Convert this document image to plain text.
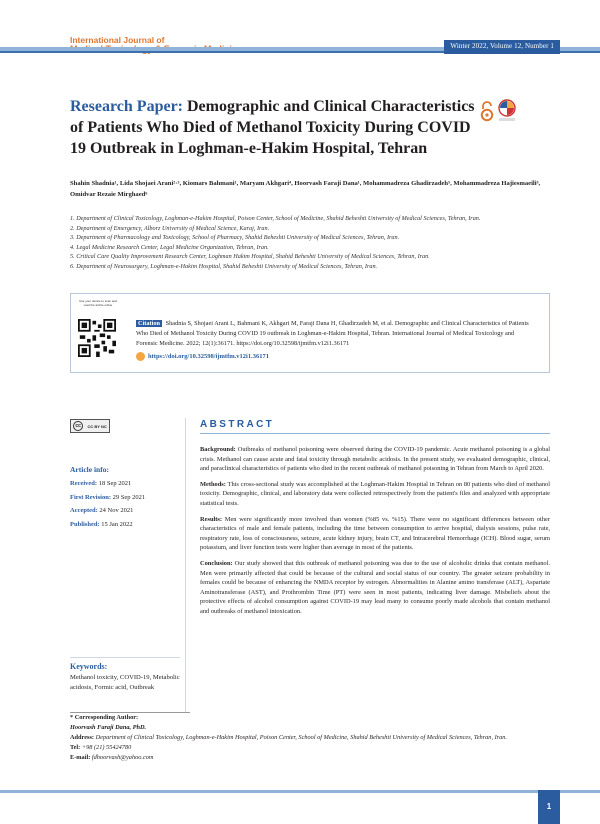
International Journal of
Winter 2022, Volume 12, Number 1
Research Paper: Demographic and Clinical Characteristics of Patients Who Died of Methanol Toxicity During COVID 19 Outbreak in Loghman-e-Hakim Hospital, Tehran
Shahin Shadnia¹, Lida Shojaei Arani²·³, Kiomars Bahmani¹, Maryam Akhgari⁴, Hoorvash Faraji Dana¹, Mohammadreza Ghadirzadeh⁵, Mohammadreza Hajiesmaeili⁵, Omidvar Rezaie Mirghaed⁶

1. Department of Clinical Toxicology, Loghman-e-Hakim Hospital, Poison Center, School of Medicine, Shahid Beheshti University of Medical Sciences, Tehran, Iran.

2. Department of Emergency, Alborz University of Medical Science, Karaj, Iran.

3. Department of Pharmacology and Toxicology, School of Pharmacy, Shahid Beheshti University of Medical Sciences, Tehran, Iran.

4. Legal Medicine Research Center, Legal Medicine Organization, Tehran, Iran.

5. Critical Care Quality Improvement Research Center, Loghman Hakim Hospital, Shahid Beheshti University of Medical Sciences, Tehran, Iran.

6. Department of Neurosurgery, Loghman-e-Hakim Hospital, Shahid Beheshti University of Medical Sciences, Tehran, Iran.

Use your device to scan and read the article online
Citation Shadnia S, Shojaei Arani L, Bahmani K, Akhgari M, Faraji Dana H, Ghadirzadeh M, et al. Demographic and Clinical Characteristics of Patients Who Died of Methanol Toxicity During COVID 19 outbreak in Loghman-e-Hakim Hospital, Tehran. International Journal of Medical Toxicology and Forensic Medicine. 2022; 12(1):36171. https://doi.org/10.32598/ijmtfm.v12i1.36171
https://doi.org/10.32598/ijmtfm.v12i1.36171
cc	CC BY NC
Article info:
Received: 18 Sep 2021
First Revision: 29 Sep 2021
Accepted: 24 Nov 2021
Published: 15 Jan 2022
Keywords:
Methanol toxicity, COVID-19, Metabolic acidosis, Formic acid, Outbreak
ABSTRACT

Background: Outbreaks of methanol poisoning were observed during the COVID-19 pandemic. Acute methanol poisoning is a global crisis. Methanol can cause acute and fatal toxicity through metabolic acidosis. In the present study, we evaluated demographic, clinical, and paraclinical characteristics of patients who died in the recent outbreak of methanol poisoning in Tehran from March to April 2020.

Methods: This cross-sectional study was accomplished at the Loghman-Hakim Hospital in Tehran on 80 patients who died of methanol toxicity. Demographic, clinical, and laboratory data were collected retrospectively from the patient's files and analyzed with appropriate statistical tests.

Results: Men were significantly more involved than women (%85 vs. %15). There were no significant differences between other characteristics of male and female patients, including the time between consumption to arrive hospital, dialysis sessions, pulse rate, respiratory rate, loss of consciousness, seizure, acute kidney injury, brain CT, and Intracerebral Hemorrhage (ICH). Blood sugar, serum potassium, and liver function tests were higher than average in most of the patients.

Conclusion: Our study showed that this outbreak of methanol poisoning was due to the use of alcoholic drinks that contain methanol. Men were primarily affected that could be because of the cultural and social status of our country. The greater seizure probability in females could be because of enhancing the NMDA receptor by estrogen. Abnormalities in Alanine amino transferase (ALT), Aspartate Aminotransferase (AST), and Prothrombin Time (PT) were seen in most patients, indicating liver damage. Misbeliefs about the protective effects of alcohol consumption against COVID-19 may lead many to consume poorly made alcohols that contain methanol and outbreaks of methanol intoxication.

* Corresponding Author:
Hoorvash Faraji Dana, PhD.
Address: Department of Clinical Toxicology, Loghman-e-Hakim Hospital, Poison Center, School of Medicine, Shahid Beheshti University of Medical Sciences, Tehran, Iran.
Tel: +98 (21) 55424780
E-mail: fdhoorvash@yahoo.com
1
